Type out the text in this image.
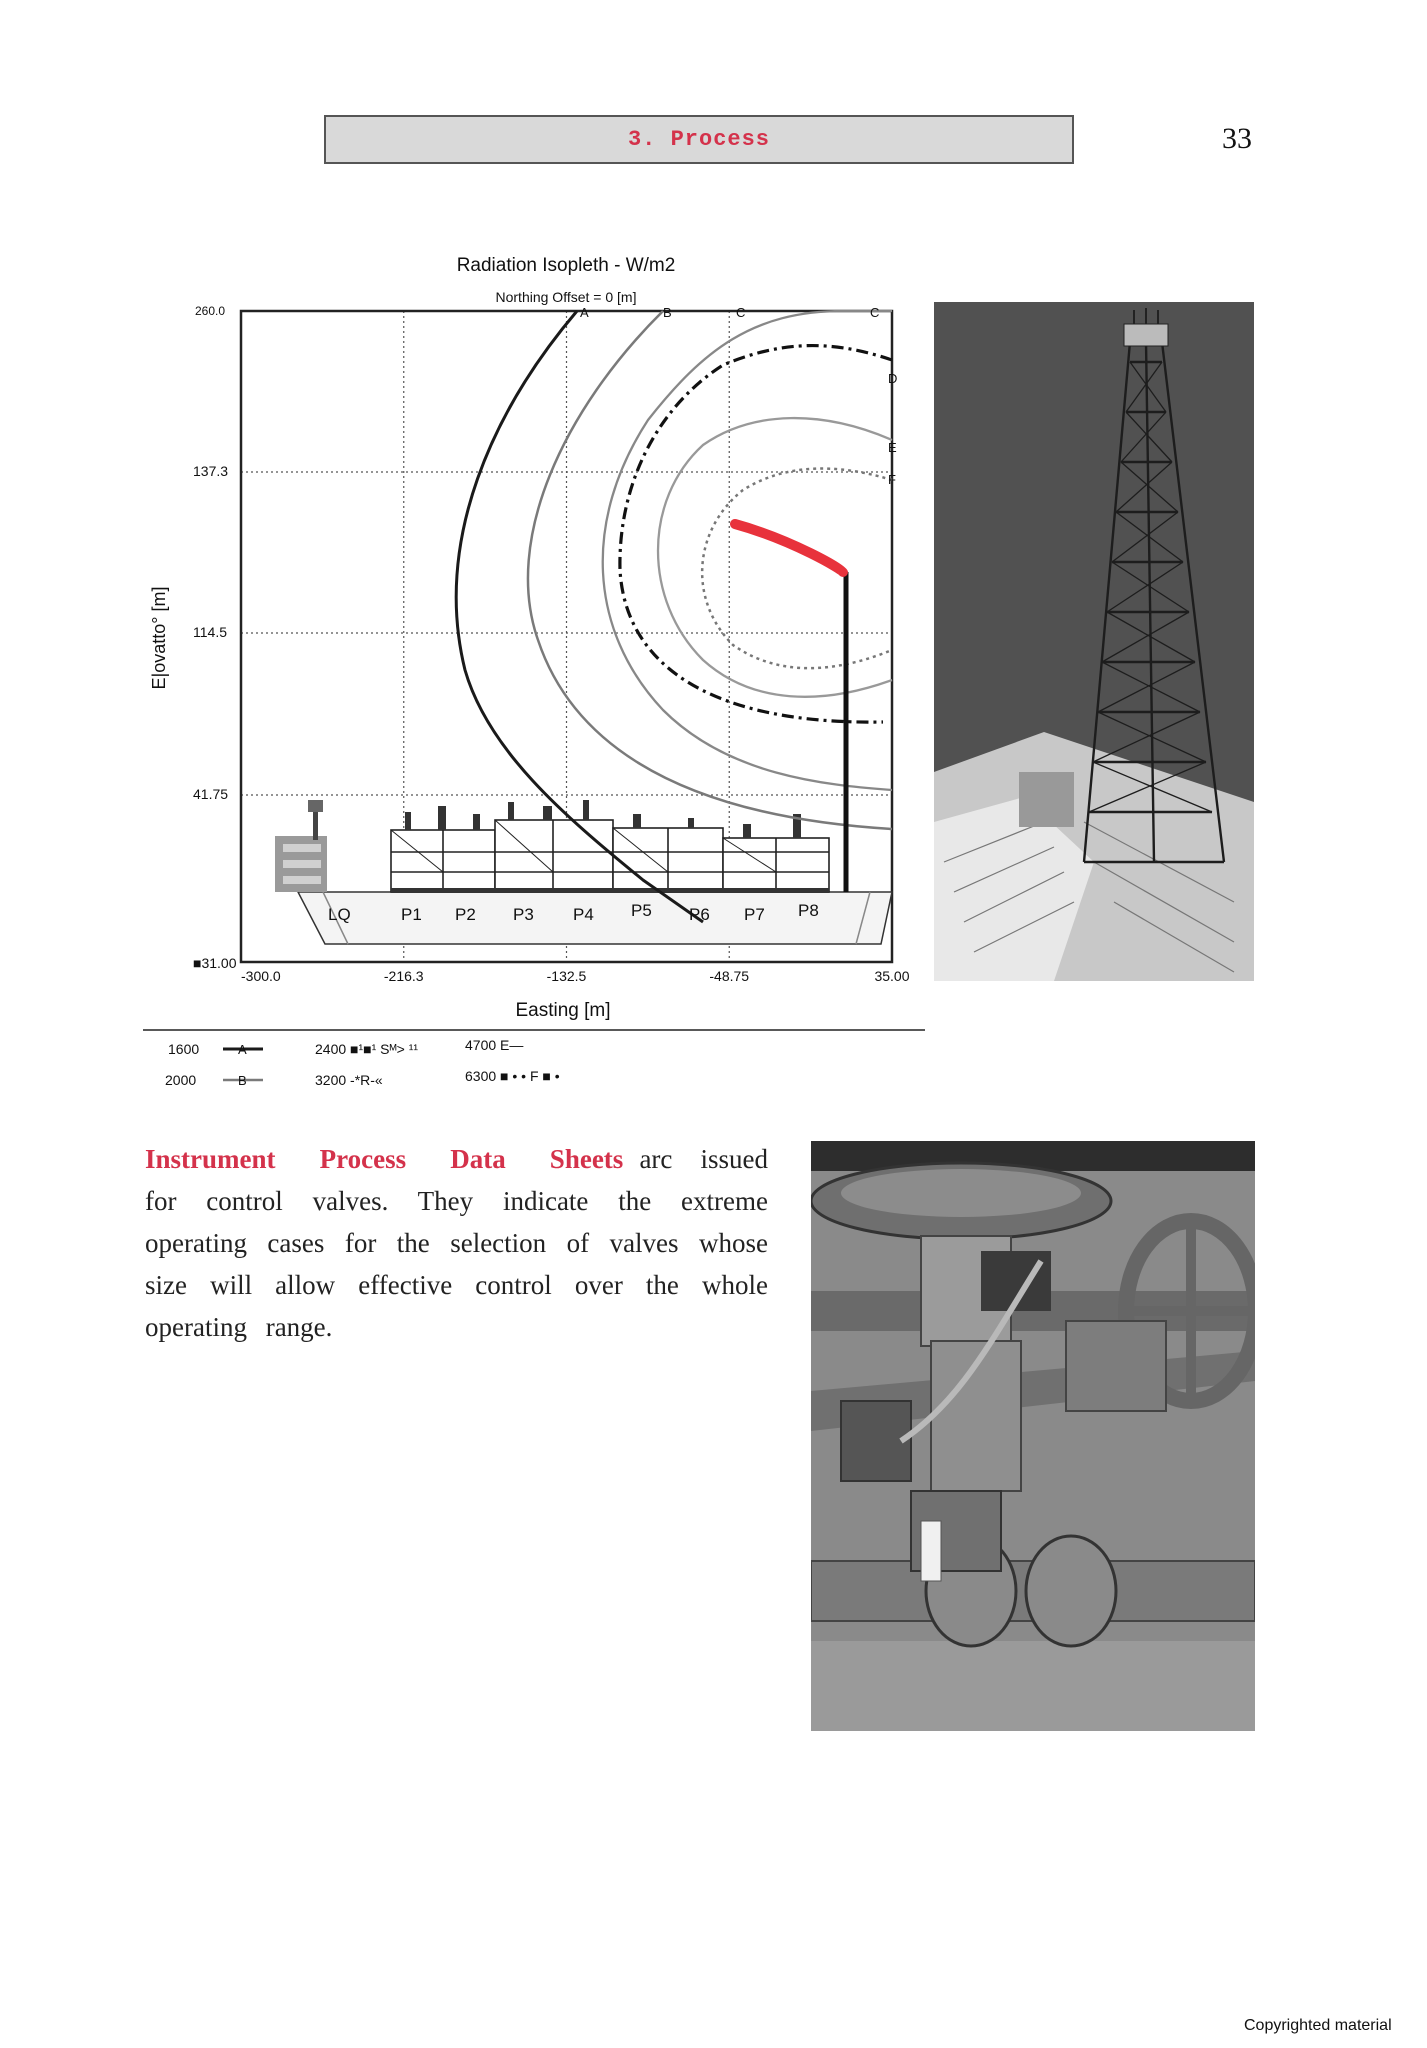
3. Process	33
Radiation Isopleth - W/m2
Northing Offset = 0 [m]
A	B	C	C
D
E
F
LQ	P1 P2 P3 P4 P5 P6 P7 P8
-300.0	-216.3	-132.5	-48.75	35.00
260.0
137.3
114.5
41.75
■31.00
Easting [m]
E|ovatto° [m]
1600	A
2000	B
2400 ■¹■¹ Sᴹ> ¹¹
3200 -*R-«
4700 E—
6300 ■ • • F ■ •
Instrument Process Data Sheets arc issued for control valves. They indicate the extreme operating cases for the selection of valves whose size will allow effective control over the whole operating range.
Copyrighted material
